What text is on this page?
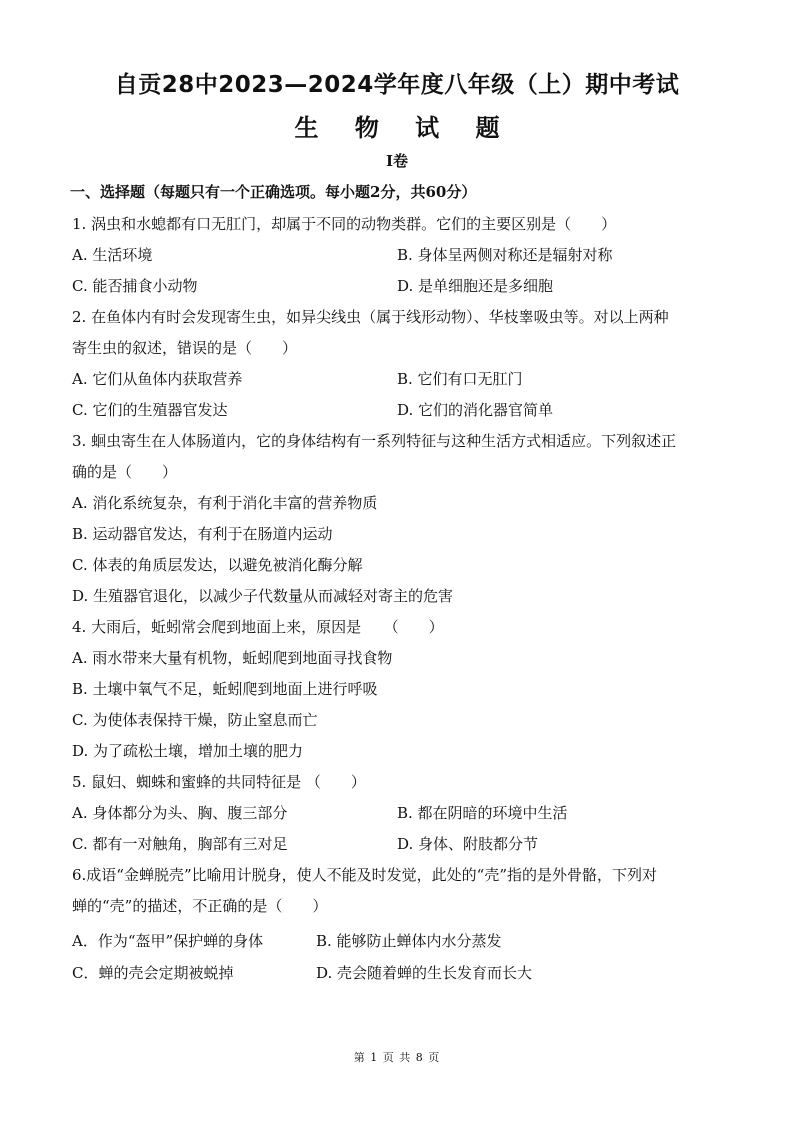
自贡28中2023—2024学年度八年级（上）期中考试
生 物 试 题
Ⅰ卷
一、选择题（每题只有一个正确选项。每小题2分，共60分）
1. 涡虫和水螅都有口无肛门，却属于不同的动物类群。它们的主要区别是（　　）
A. 生活环境	B. 身体呈两侧对称还是辐射对称
C. 能否捕食小动物	D. 是单细胞还是多细胞
2. 在鱼体内有时会发现寄生虫，如异尖线虫（属于线形动物）、华枝睾吸虫等。对以上两种
寄生虫的叙述，错误的是（　　）
A. 它们从鱼体内获取营养	B. 它们有口无肛门
C. 它们的生殖器官发达	D. 它们的消化器官简单
3. 蛔虫寄生在人体肠道内，它的身体结构有一系列特征与这种生活方式相适应。下列叙述正
确的是（　　）
A. 消化系统复杂，有利于消化丰富的营养物质
B. 运动器官发达，有利于在肠道内运动
C. 体表的角质层发达，以避免被消化酶分解
D. 生殖器官退化，以减少子代数量从而减轻对寄主的危害
4. 大雨后，蚯蚓常会爬到地面上来，原因是　　（　　）
A. 雨水带来大量有机物，蚯蚓爬到地面寻找食物
B. 土壤中氧气不足，蚯蚓爬到地面上进行呼吸
C. 为使体表保持干燥，防止窒息而亡
D. 为了疏松土壤，增加土壤的肥力
5. 鼠妇、蜘蛛和蜜蜂的共同特征是 （　　）
A. 身体都分为头、胸、腹三部分	B. 都在阴暗的环境中生活
C. 都有一对触角，胸部有三对足	D. 身体、附肢都分节
6.成语“金蝉脱壳”比喻用计脱身，使人不能及时发觉，此处的“壳”指的是外骨骼，下列对
蝉的“壳”的描述，不正确的是（　　）
A．作为“盔甲”保护蝉的身体	B. 能够防止蝉体内水分蒸发
C．蝉的壳会定期被蜕掉	D. 壳会随着蝉的生长发育而长大
第 1 页 共 8 页
